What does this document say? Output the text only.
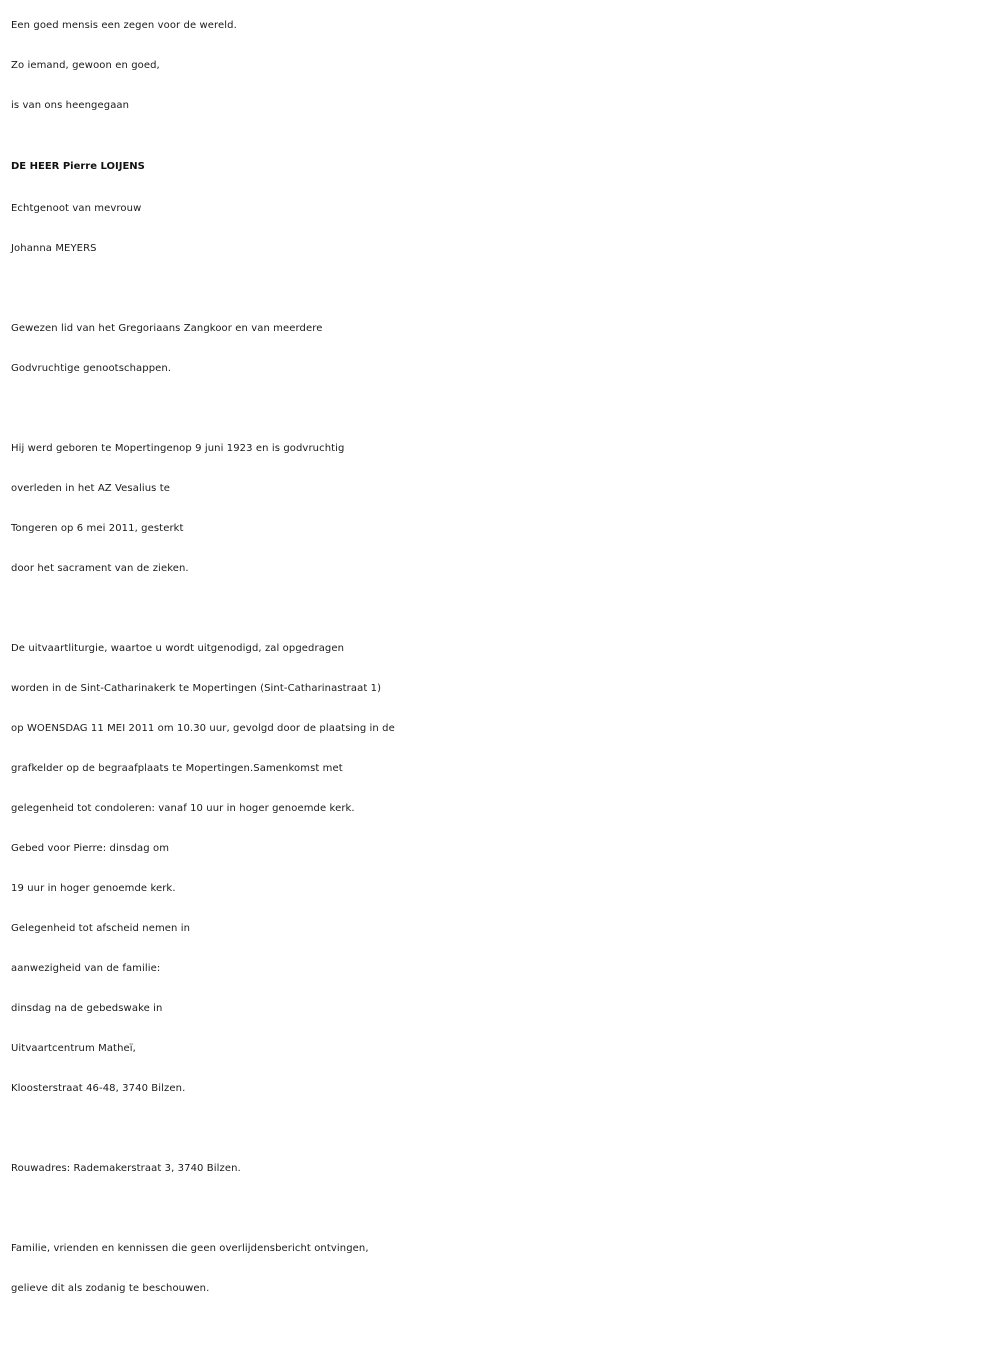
Een goed mensis een zegen voor de wereld.
Zo iemand, gewoon en goed,
is van ons heengegaan
DE HEER Pierre LOIJENS
Echtgenoot van mevrouw
Johanna MEYERS
Gewezen lid van het Gregoriaans Zangkoor en van meerdere
Godvruchtige genootschappen.
Hij werd geboren te Mopertingenop 9 juni 1923 en is godvruchtig
overleden in het AZ Vesalius te
Tongeren op 6 mei 2011, gesterkt
door het sacrament van de zieken.
De uitvaartliturgie, waartoe u wordt uitgenodigd, zal opgedragen
worden in de Sint-Catharinakerk te Mopertingen (Sint-Catharinastraat 1)
op WOENSDAG 11 MEI 2011 om 10.30 uur, gevolgd door de plaatsing in de
grafkelder op de begraafplaats te Mopertingen.Samenkomst met
gelegenheid tot condoleren: vanaf 10 uur in hoger genoemde kerk.
Gebed voor Pierre: dinsdag om
19 uur in hoger genoemde kerk.
Gelegenheid tot afscheid nemen in
aanwezigheid van de familie:
dinsdag na de gebedswake in
Uitvaartcentrum Matheï,
Kloosterstraat 46-48, 3740 Bilzen.
Rouwadres: Rademakerstraat 3, 3740 Bilzen.
Familie, vrienden en kennissen die geen overlijdensbericht ontvingen,
gelieve dit als zodanig te beschouwen.
